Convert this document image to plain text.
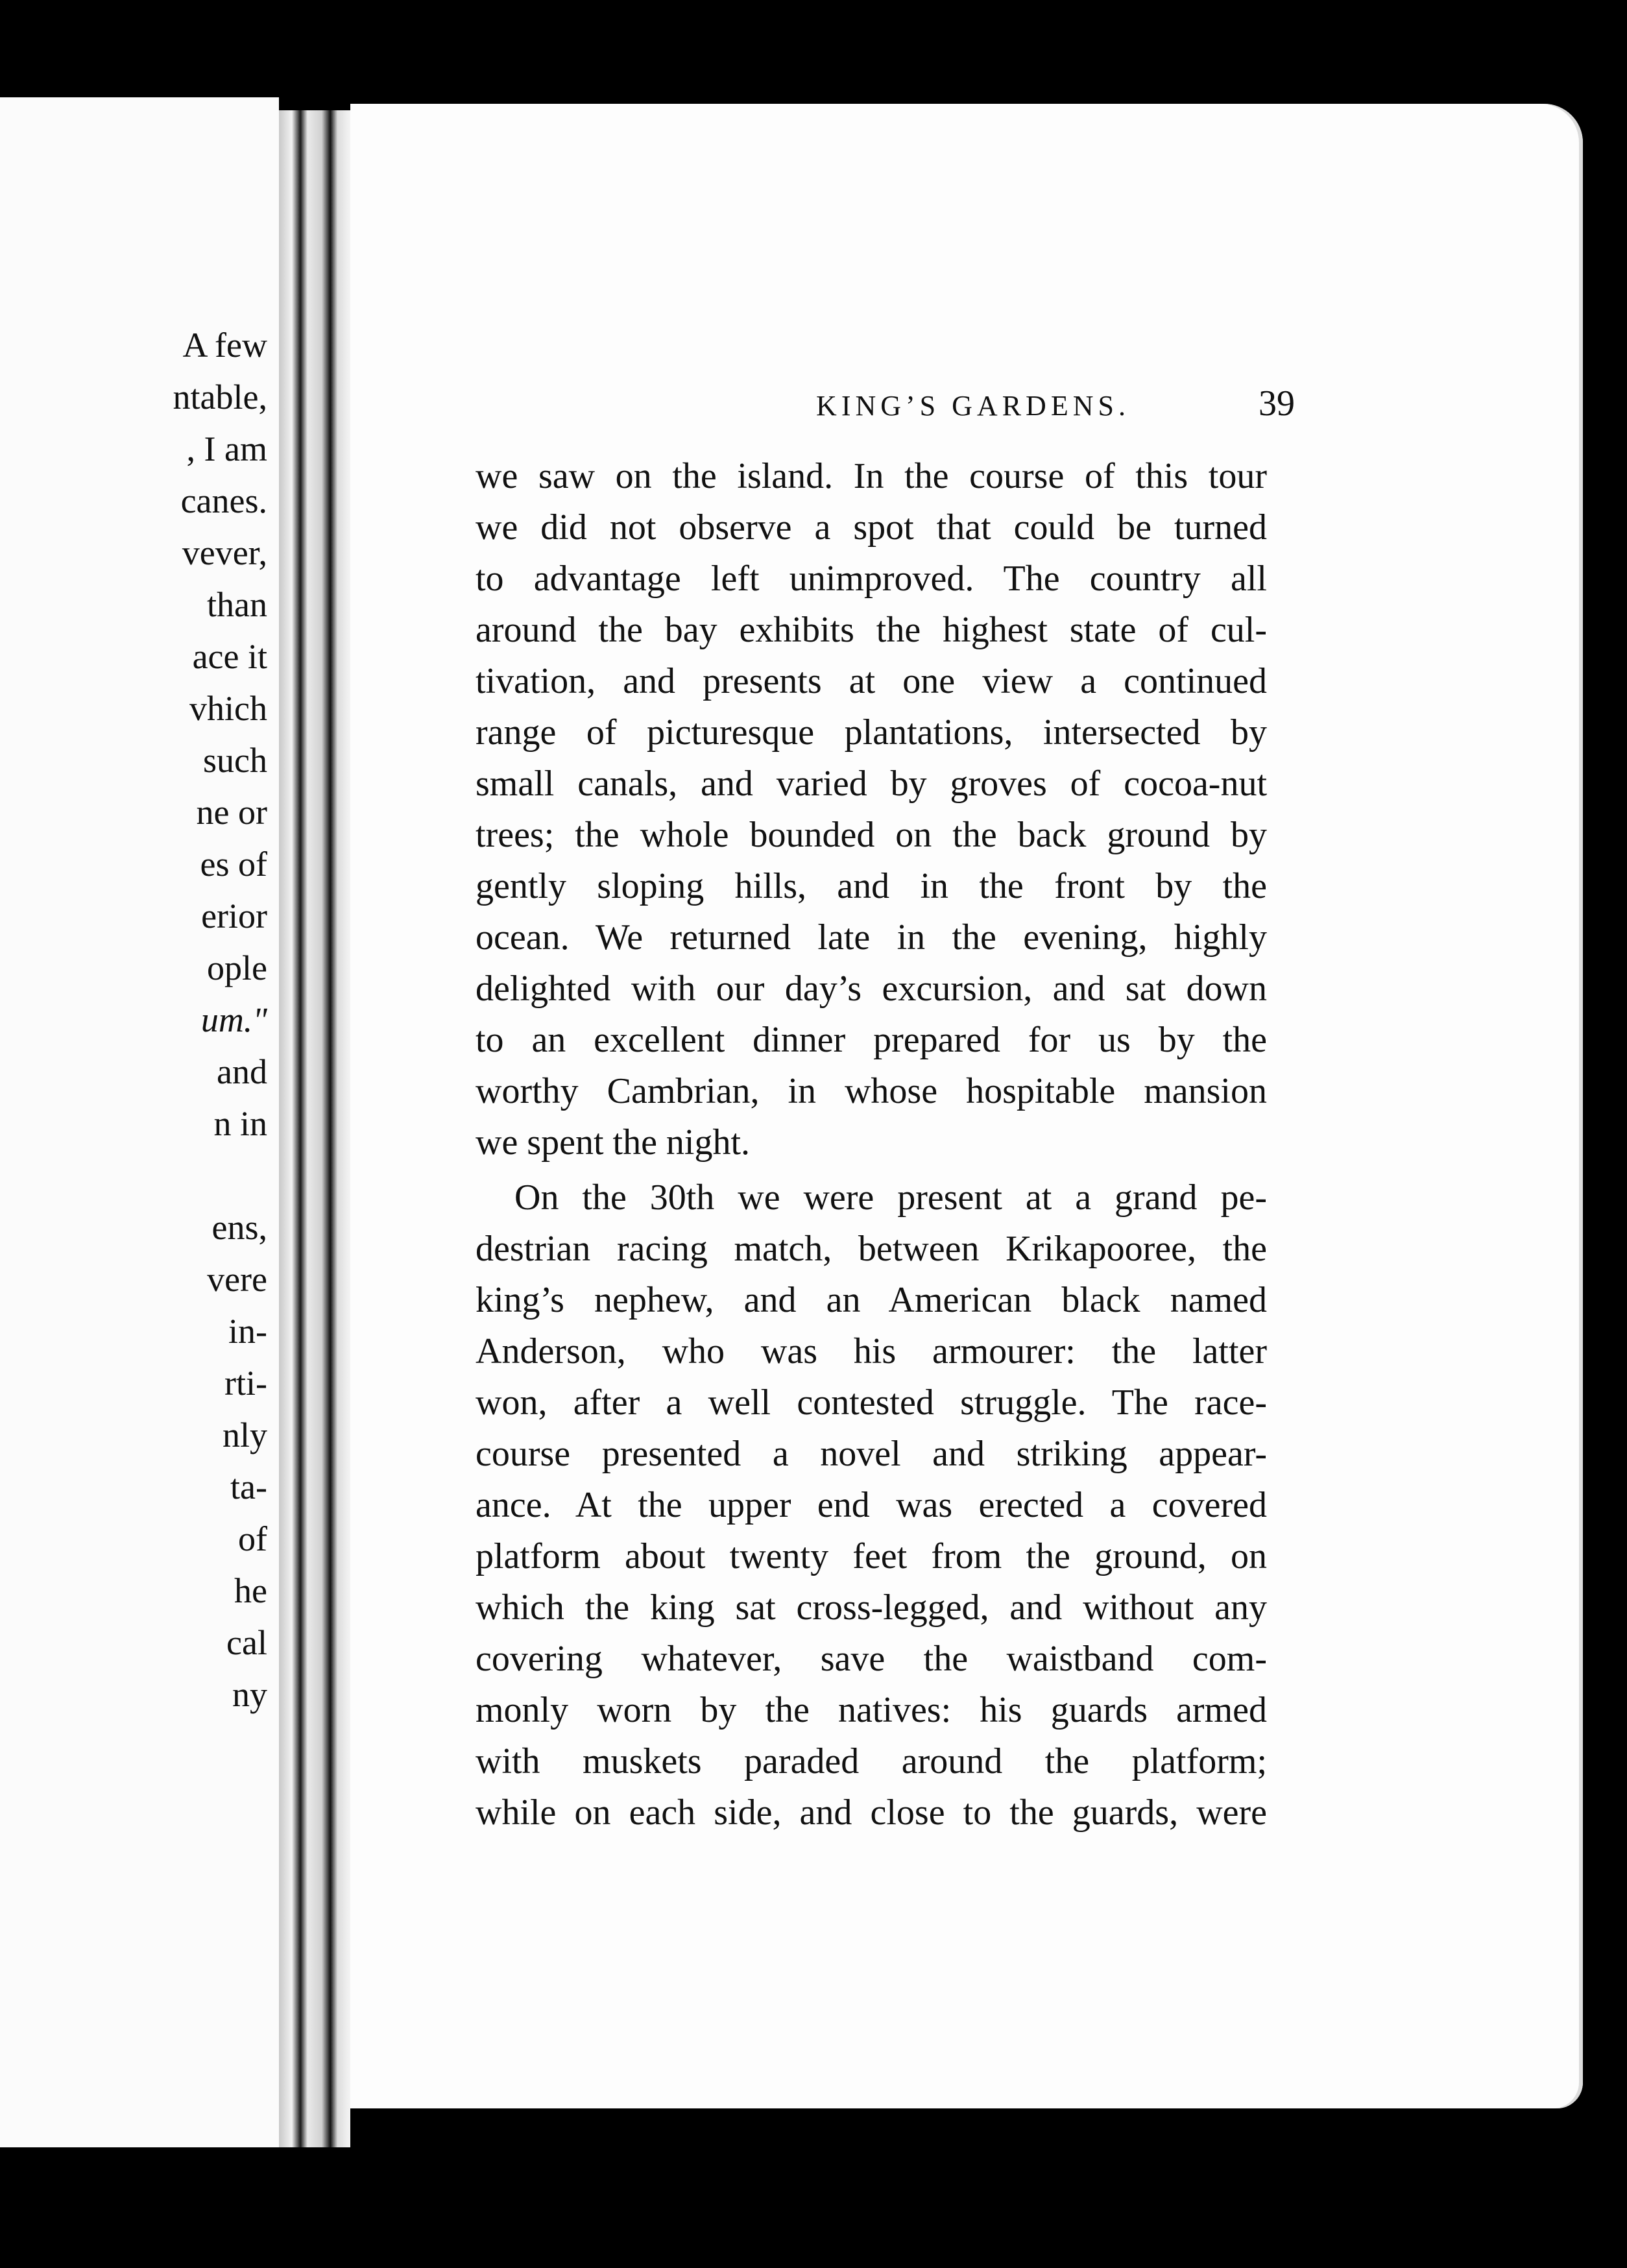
A few
ntable,
, I am
canes.
vever,
than
ace it
vhich
such
ne or
es of
erior
ople
um."
and
n in
ens,
vere
in-
rti-
nly
ta-
of
he
cal
ny
KING’S GARDENS.	39
we saw on the island. In the course of this tour
we did not observe a spot that could be turned
to advantage left unimproved. The country all
around the bay exhibits the highest state of cul-
tivation, and presents at one view a continued
range of picturesque plantations, intersected by
small canals, and varied by groves of cocoa-nut
trees; the whole bounded on the back ground by
gently sloping hills, and in the front by the
ocean. We returned late in the evening, highly
delighted with our day’s excursion, and sat down
to an excellent dinner prepared for us by the
worthy Cambrian, in whose hospitable mansion
we spent the night.
On the 30th we were present at a grand pe-
destrian racing match, between Krikapooree, the
king’s nephew, and an American black named
Anderson, who was his armourer: the latter
won, after a well contested struggle. The race-
course presented a novel and striking appear-
ance. At the upper end was erected a covered
platform about twenty feet from the ground, on
which the king sat cross-legged, and without any
covering whatever, save the waistband com-
monly worn by the natives: his guards armed
with muskets paraded around the platform;
while on each side, and close to the guards, were
